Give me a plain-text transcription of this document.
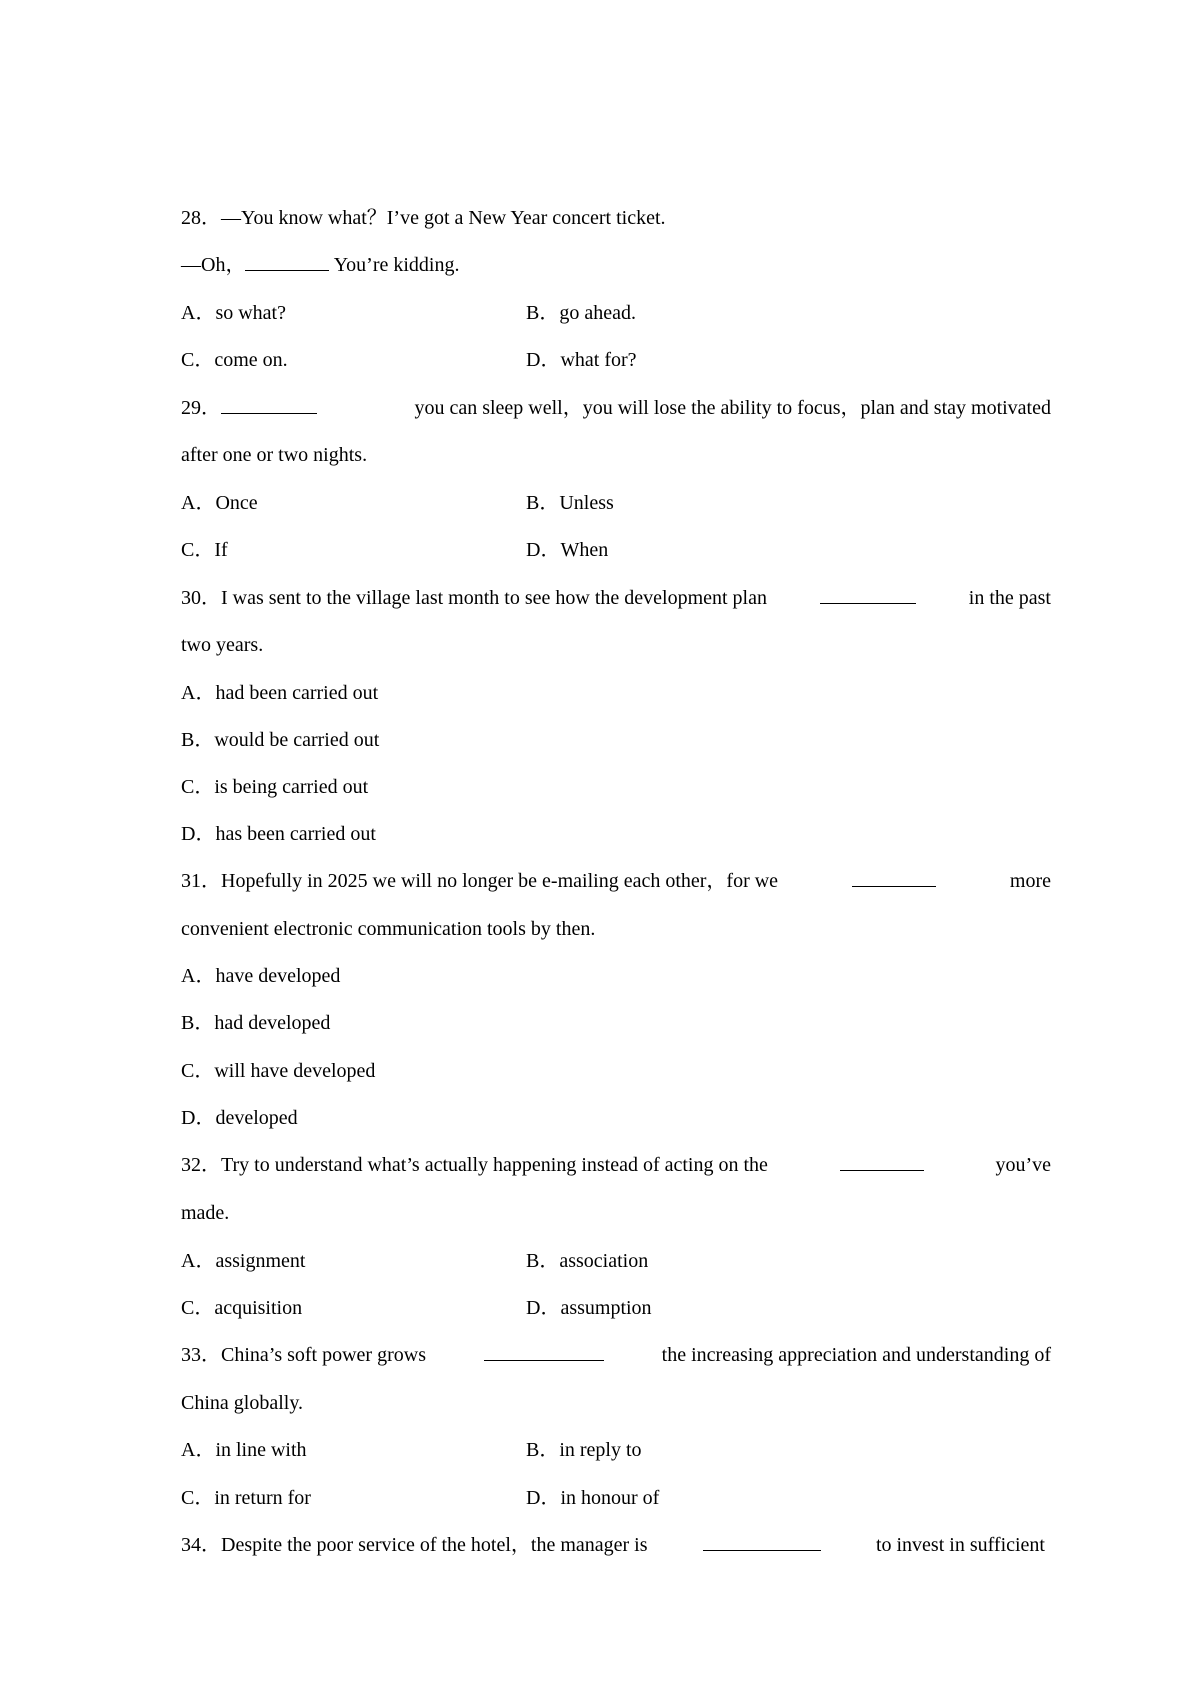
28．—You know what？I’ve got a New Year concert ticket.
—Oh，	You’re kidding.
A．so what?	B．go ahead.
C．come on.	D．what for?
29．	you can sleep well，you will lose the ability to focus，plan and stay motivated
after one or two nights.
A．Once	B．Unless
C．If	D．When
30．I was sent to the village last month to see how the development plan	in the past
two years.
A．had been carried out
B．would be carried out
C．is being carried out
D．has been carried out
31．Hopefully in 2025 we will no longer be e-mailing each other，for we	more
convenient electronic communication tools by then.
A．have developed
B．had developed
C．will have developed
D．developed
32．Try to understand what’s actually happening instead of acting on the	you’ve
made.
A．assignment	B．association
C．acquisition	D．assumption
33．China’s soft power grows	the increasing appreciation and understanding of
China globally.
A．in line with	B．in reply to
C．in return for	D．in honour of
34．Despite the poor service of the hotel，the manager is	to invest in sufficient
